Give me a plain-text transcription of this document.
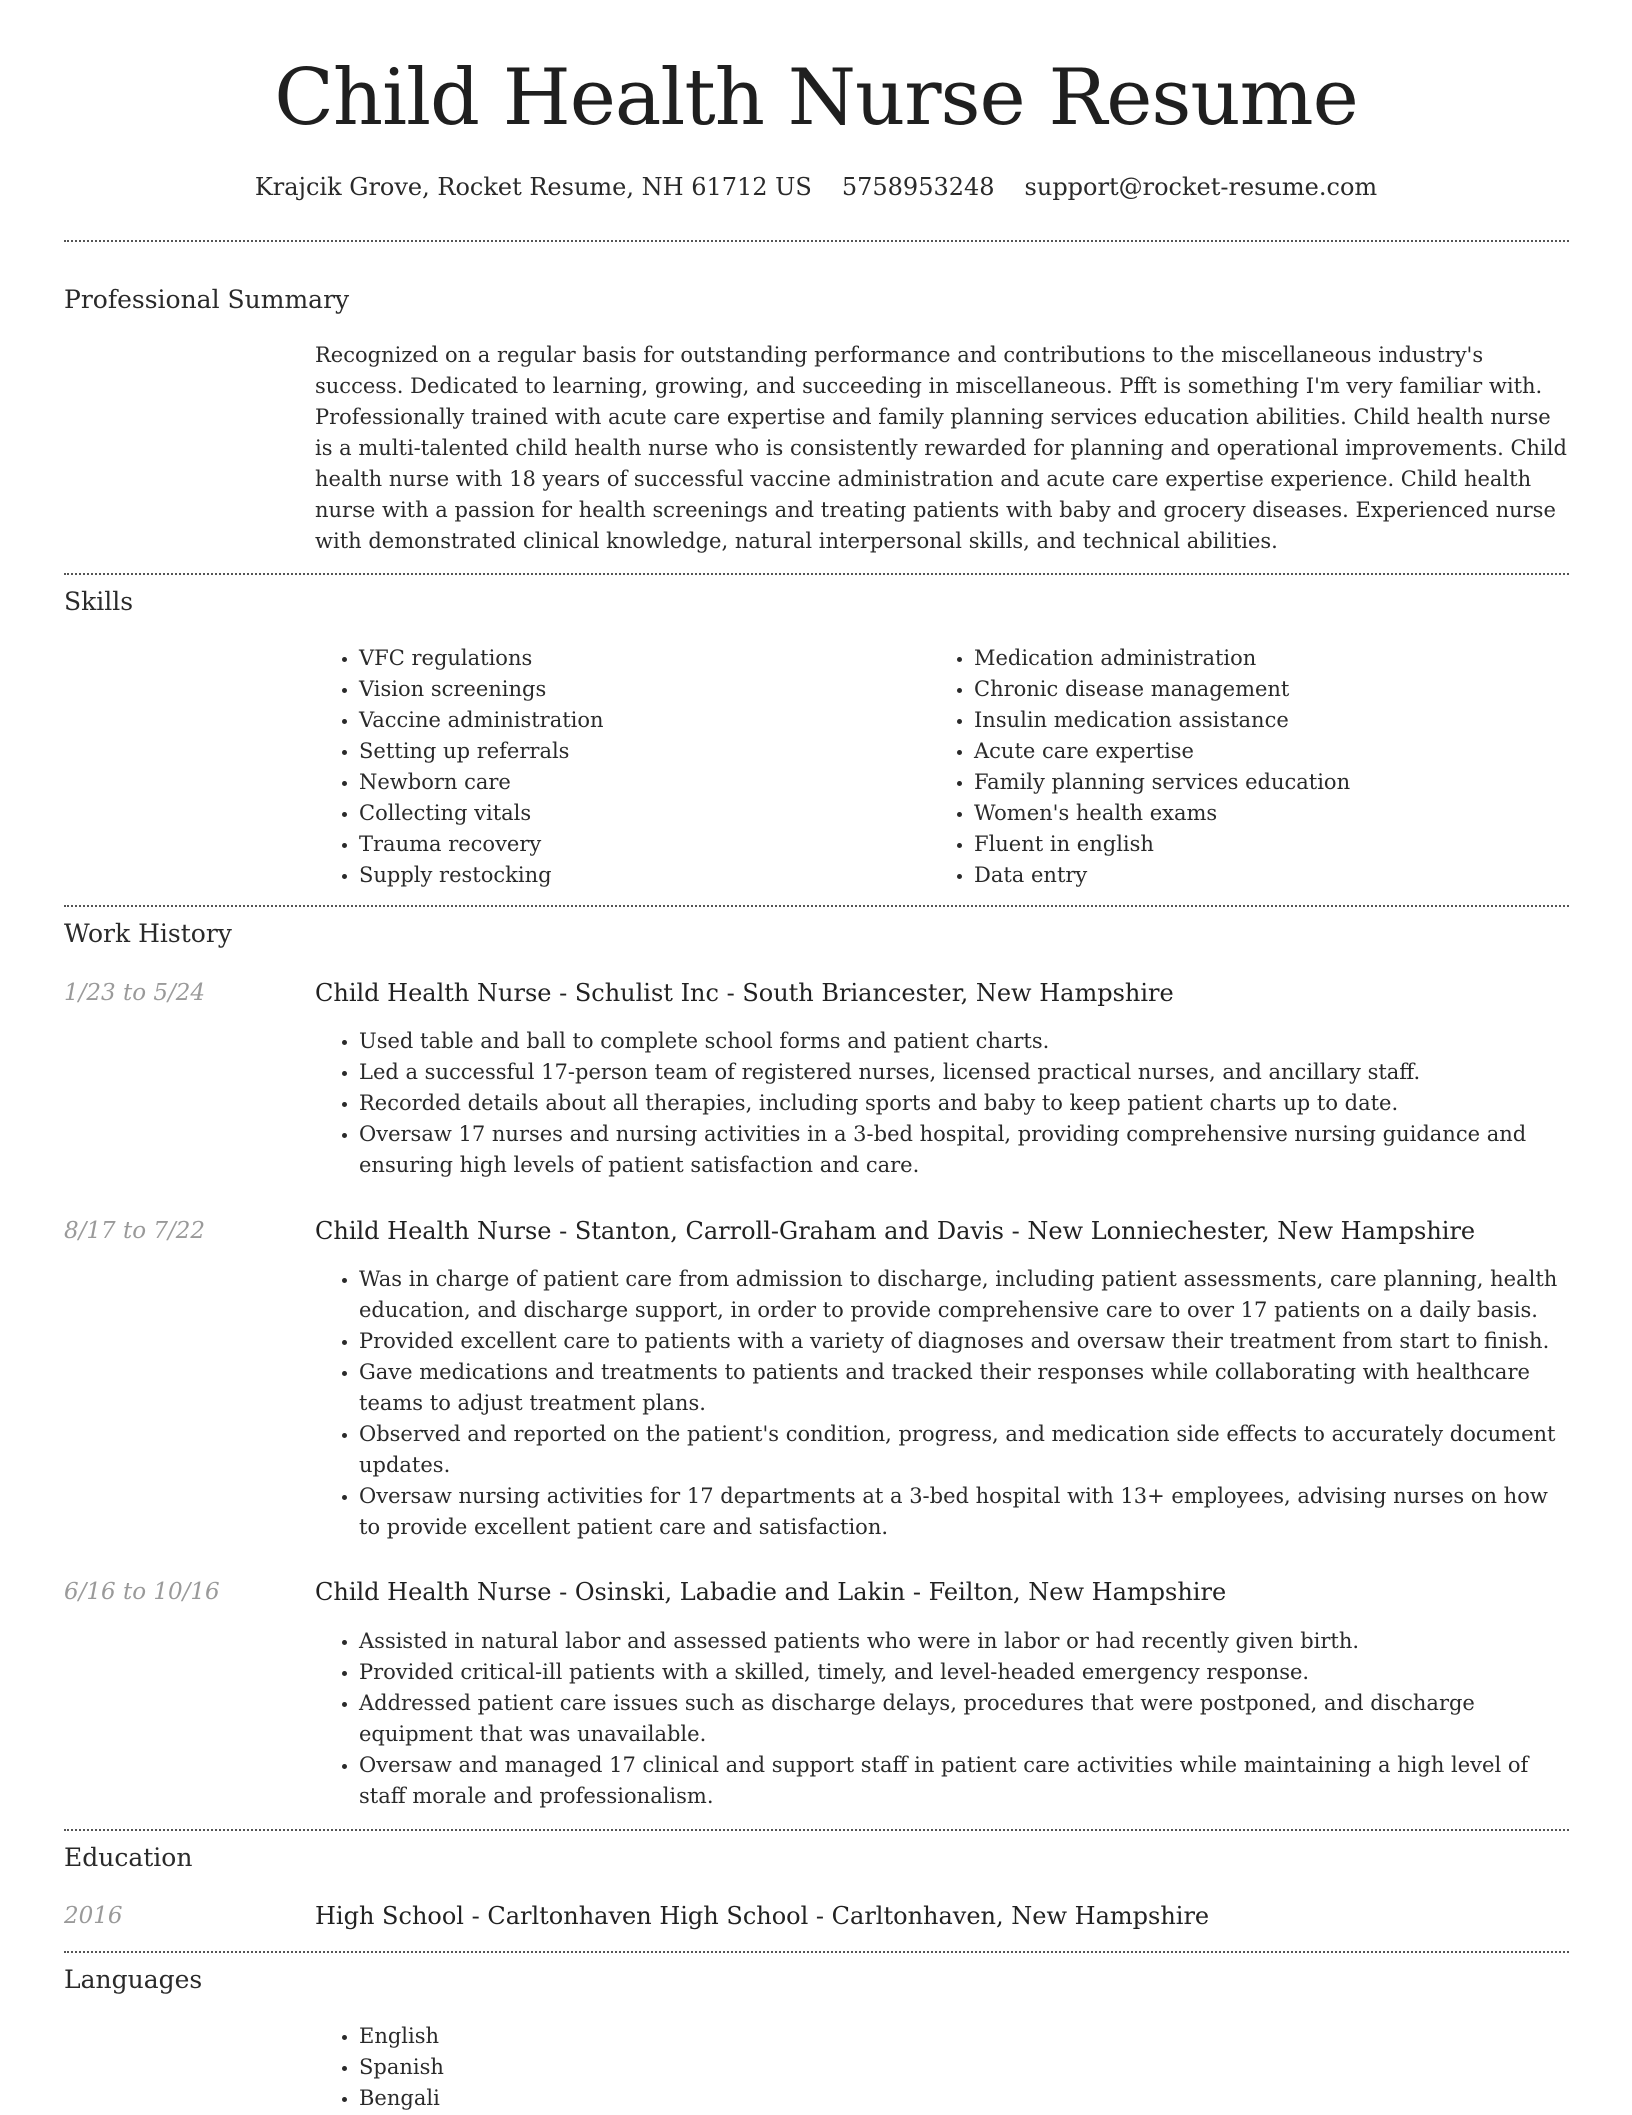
Child Health Nurse Resume
Krajcik Grove, Rocket Resume, NH 61712 US 5758953248 support@rocket-resume.com
Professional Summary
Recognized on a regular basis for outstanding performance and contributions to the miscellaneous industry's success. Dedicated to learning, growing, and succeeding in miscellaneous. Pfft is something I'm very familiar with. Professionally trained with acute care expertise and family planning services education abilities. Child health nurse is a multi-talented child health nurse who is consistently rewarded for planning and operational improvements. Child health nurse with 18 years of successful vaccine administration and acute care expertise experience. Child health nurse with a passion for health screenings and treating patients with baby and grocery diseases. Experienced nurse with demonstrated clinical knowledge, natural interpersonal skills, and technical abilities.
Skills
• VFC regulations
• Vision screenings
• Vaccine administration
• Setting up referrals
• Newborn care
• Collecting vitals
• Trauma recovery
• Supply restocking
• Medication administration
• Chronic disease management
• Insulin medication assistance
• Acute care expertise
• Family planning services education
• Women's health exams
• Fluent in english
• Data entry
Work History
1/23 to 5/24	Child Health Nurse - Schulist Inc - South Briancester, New Hampshire
• Used table and ball to complete school forms and patient charts.
• Led a successful 17-person team of registered nurses, licensed practical nurses, and ancillary staff.
• Recorded details about all therapies, including sports and baby to keep patient charts up to date.
• Oversaw 17 nurses and nursing activities in a 3-bed hospital, providing comprehensive nursing guidance and ensuring high levels of patient satisfaction and care.
8/17 to 7/22	Child Health Nurse - Stanton, Carroll-Graham and Davis - New Lonniechester, New Hampshire
• Was in charge of patient care from admission to discharge, including patient assessments, care planning, health education, and discharge support, in order to provide comprehensive care to over 17 patients on a daily basis.
• Provided excellent care to patients with a variety of diagnoses and oversaw their treatment from start to finish.
• Gave medications and treatments to patients and tracked their responses while collaborating with healthcare teams to adjust treatment plans.
• Observed and reported on the patient's condition, progress, and medication side effects to accurately document updates.
• Oversaw nursing activities for 17 departments at a 3-bed hospital with 13+ employees, advising nurses on how to provide excellent patient care and satisfaction.
6/16 to 10/16	Child Health Nurse - Osinski, Labadie and Lakin - Feilton, New Hampshire
• Assisted in natural labor and assessed patients who were in labor or had recently given birth.
• Provided critical-ill patients with a skilled, timely, and level-headed emergency response.
• Addressed patient care issues such as discharge delays, procedures that were postponed, and discharge equipment that was unavailable.
• Oversaw and managed 17 clinical and support staff in patient care activities while maintaining a high level of staff morale and professionalism.
Education
2016	High School - Carltonhaven High School - Carltonhaven, New Hampshire
Languages
• English
• Spanish
• Bengali
